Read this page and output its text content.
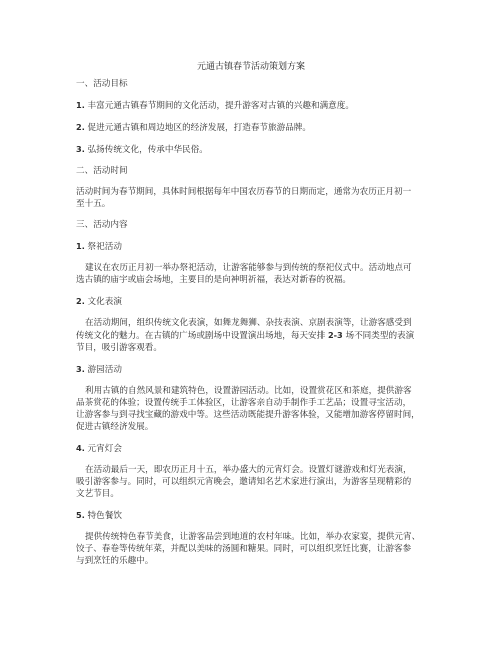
元通古镇春节活动策划方案
一、活动目标
1. 丰富元通古镇春节期间的文化活动，提升游客对古镇的兴趣和满意度。
2. 促进元通古镇和周边地区的经济发展，打造春节旅游品牌。
3. 弘扬传统文化，传承中华民俗。
二、活动时间
活动时间为春节期间，具体时间根据每年中国农历春节的日期而定，通常为农历正月初一
至十五。
三、活动内容
1. 祭祀活动
建议在农历正月初一举办祭祀活动，让游客能够参与到传统的祭祀仪式中。活动地点可
选古镇的庙宇或庙会场地，主要目的是向神明祈福，表达对新春的祝福。
2. 文化表演
在活动期间，组织传统文化表演，如舞龙舞狮、杂技表演、京剧表演等，让游客感受到
传统文化的魅力。在古镇的广场或剧场中设置演出场地，每天安排 2-3 场不同类型的表演
节目，吸引游客观看。
3. 游园活动
利用古镇的自然风景和建筑特色，设置游园活动。比如，设置赏花区和茶庭，提供游客
品茶赏花的体验；设置传统手工体验区，让游客亲自动手制作手工艺品；设置寻宝活动，
让游客参与到寻找宝藏的游戏中等。这些活动既能提升游客体验，又能增加游客停留时间，
促进古镇经济发展。
4. 元宵灯会
在活动最后一天，即农历正月十五，举办盛大的元宵灯会。设置灯谜游戏和灯光表演，
吸引游客参与。同时，可以组织元宵晚会，邀请知名艺术家进行演出，为游客呈现精彩的
文艺节目。
5. 特色餐饮
提供传统特色春节美食，让游客品尝到地道的农村年味。比如，举办农家宴，提供元宵、
饺子、春卷等传统年菜，并配以美味的汤圆和糖果。同时，可以组织烹饪比赛，让游客参
与到烹饪的乐趣中。
